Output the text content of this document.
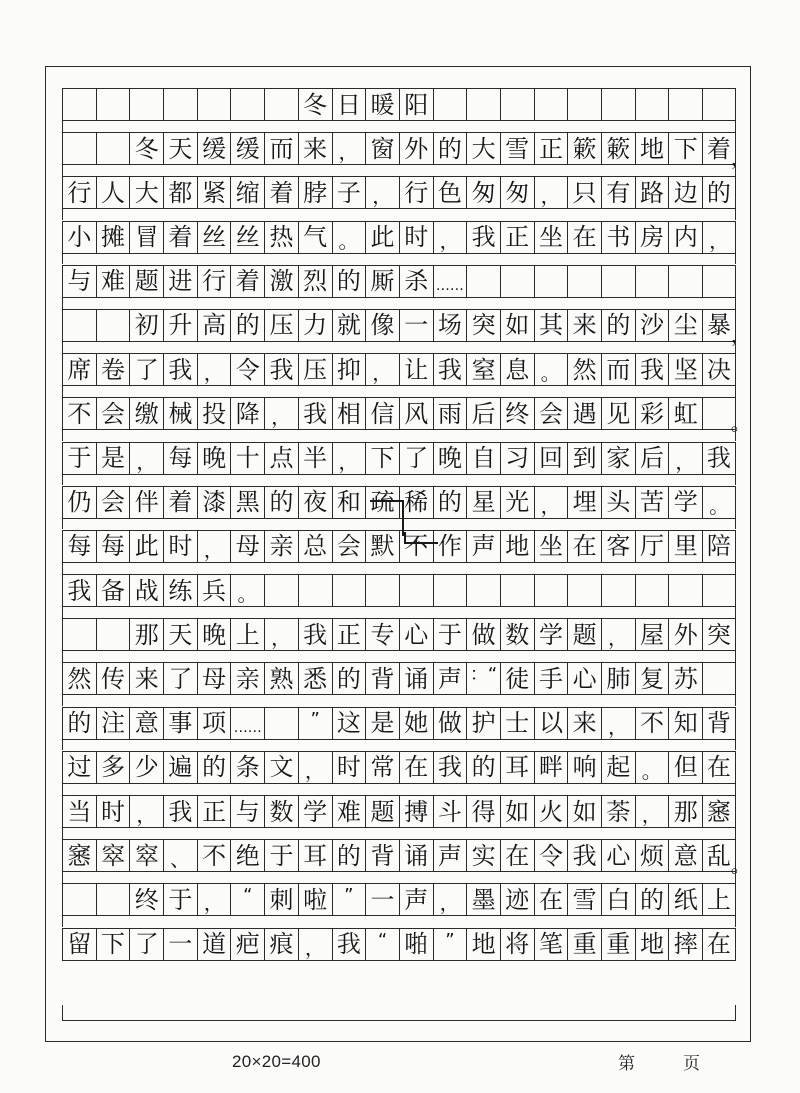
冬 日 暖 阳
冬 天 缓 缓 而 来 ， 窗 外 的 大 雪 正 簌 簌 地 下 着 ，
行 人 大 都 紧 缩 着 脖 子 ， 行 色 匆 匆 ， 只 有 路 边 的
小 摊 冒 着 丝 丝 热 气 。 此 时 ， 我 正 坐 在 书 房 内 ，
与 难 题 进 行 着 激 烈 的 厮 杀 ……
初 升 高 的 压 力 就 像 一 场 突 如 其 来 的 沙 尘 暴 ，
席 卷 了 我 ， 令 我 压 抑 ， 让 我 窒 息 。 然 而 我 坚 决
不 会 缴 械 投 降 ， 我 相 信 风 雨 后 终 会 遇 见 彩 虹 。
于 是 ， 每 晚 十 点 半 ， 下 了 晚 自 习 回 到 家 后 ， 我
仍 会 伴 着 漆 黑 的 夜 和 疏 稀 的 星 光 ， 埋 头 苦 学 。
每 每 此 时 ， 母 亲 总 会 默 不 作 声 地 坐 在 客 厅 里 陪
我 备 战 练 兵 。
那 天 晚 上 ， 我 正 专 心 于 做 数 学 题 ， 屋 外 突
然 传 来 了 母 亲 熟 悉 的 背 诵 声 ：“ 徒 手 心 肺 复 苏
的 注 意 事 项 ……	” 这 是 她 做 护 士 以 来 ， 不 知 背
过 多 少 遍 的 条 文 ， 时 常 在 我 的 耳 畔 响 起 。 但 在
当 时 ， 我 正 与 数 学 难 题 搏 斗 得 如 火 如 荼 ， 那 窸
窸 窣 窣 、 不 绝 于 耳 的 背 诵 声 实 在 令 我 心 烦 意 乱 。
终 于 ，	“ 刺 啦 ” 一 声 ， 墨 迹 在 雪 白 的 纸 上
留 下 了 一 道 疤 痕 ， 我 “ 啪 ” 地 将 笔 重 重 地 摔 在
20×20=400	第	页
